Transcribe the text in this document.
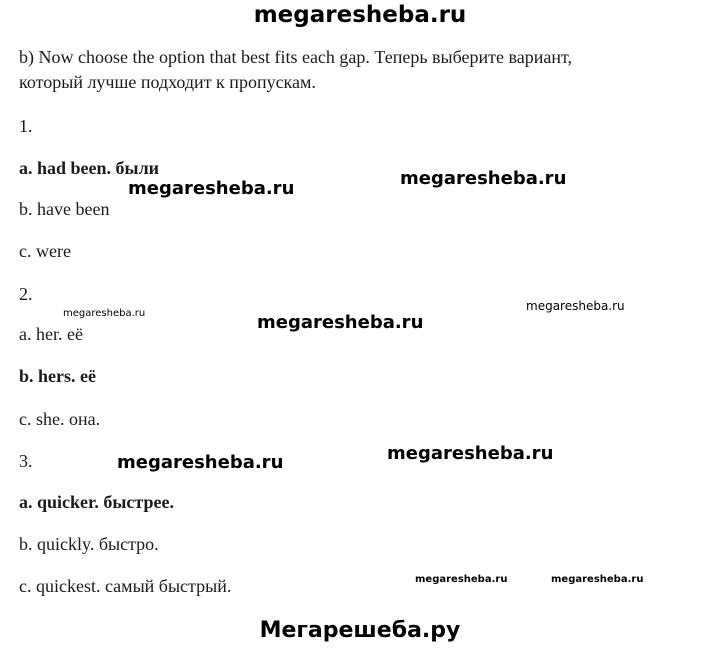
megaresheba.ru
b) Now choose the option that best fits each gap. Теперь выберите вариант,
который лучше подходит к пропускам.
1.
a. had been. были
b. have been
c. were
2.
a. her. её
b. hers. её
c. she. она.
3.
a. quicker. быстрее.
b. quickly. быстро.
c. quickest. самый быстрый.
megaresheba.ru	megaresheba.ru
megaresheba.ru	megaresheba.ru
megaresheba.ru
megaresheba.ru	megaresheba.ru
megaresheba.ru	megaresheba.ru
Мегарешеба.ру
